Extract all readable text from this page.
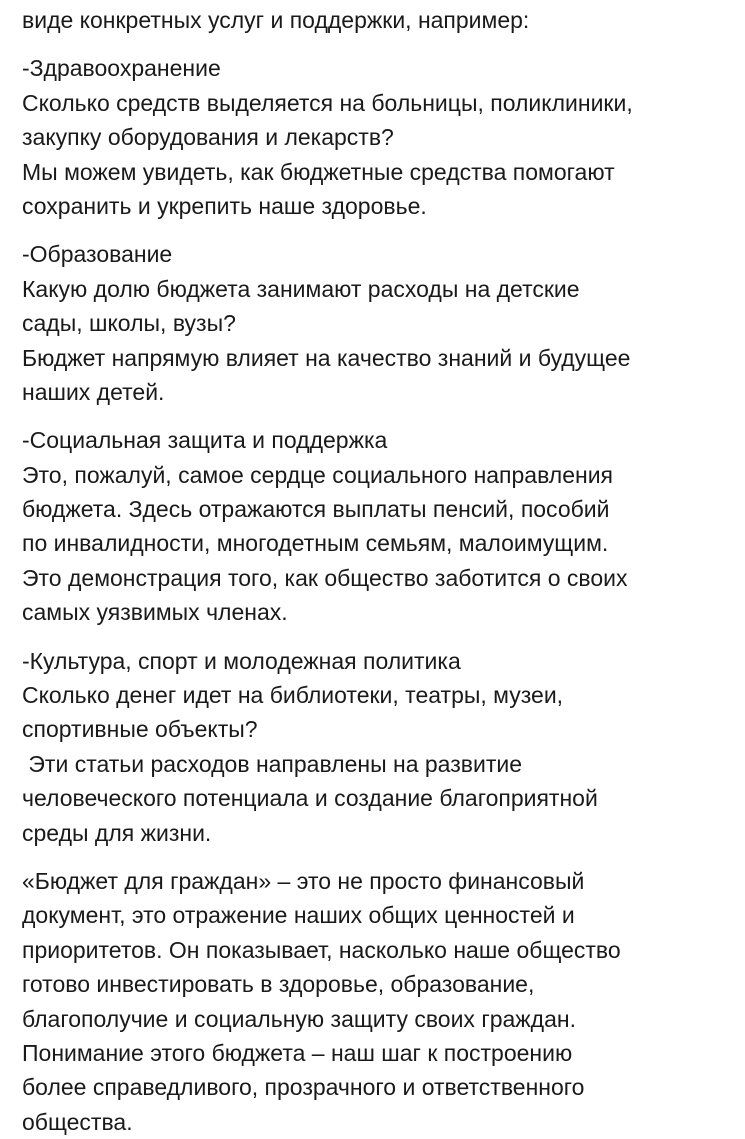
виде конкретных услуг и поддержки, например:
-Здравоохранение
Сколько средств выделяется на больницы, поликлиники,
закупку оборудования и лекарств?
Мы можем увидеть, как бюджетные средства помогают
сохранить и укрепить наше здоровье.
-Образование
Какую долю бюджета занимают расходы на детские
сады, школы, вузы?
Бюджет напрямую влияет на качество знаний и будущее
наших детей.
-Социальная защита и поддержка
Это, пожалуй, самое сердце социального направления
бюджета. Здесь отражаются выплаты пенсий, пособий
по инвалидности, многодетным семьям, малоимущим.
Это демонстрация того, как общество заботится о своих
самых уязвимых членах.
-Культура, спорт и молодежная политика
Сколько денег идет на библиотеки, театры, музеи,
спортивные объекты?
Эти статьи расходов направлены на развитие
человеческого потенциала и создание благоприятной
среды для жизни.
«Бюджет для граждан» – это не просто финансовый
документ, это отражение наших общих ценностей и
приоритетов. Он показывает, насколько наше общество
готово инвестировать в здоровье, образование,
благополучие и социальную защиту своих граждан.
Понимание этого бюджета – наш шаг к построению
более справедливого, прозрачного и ответственного
общества.
